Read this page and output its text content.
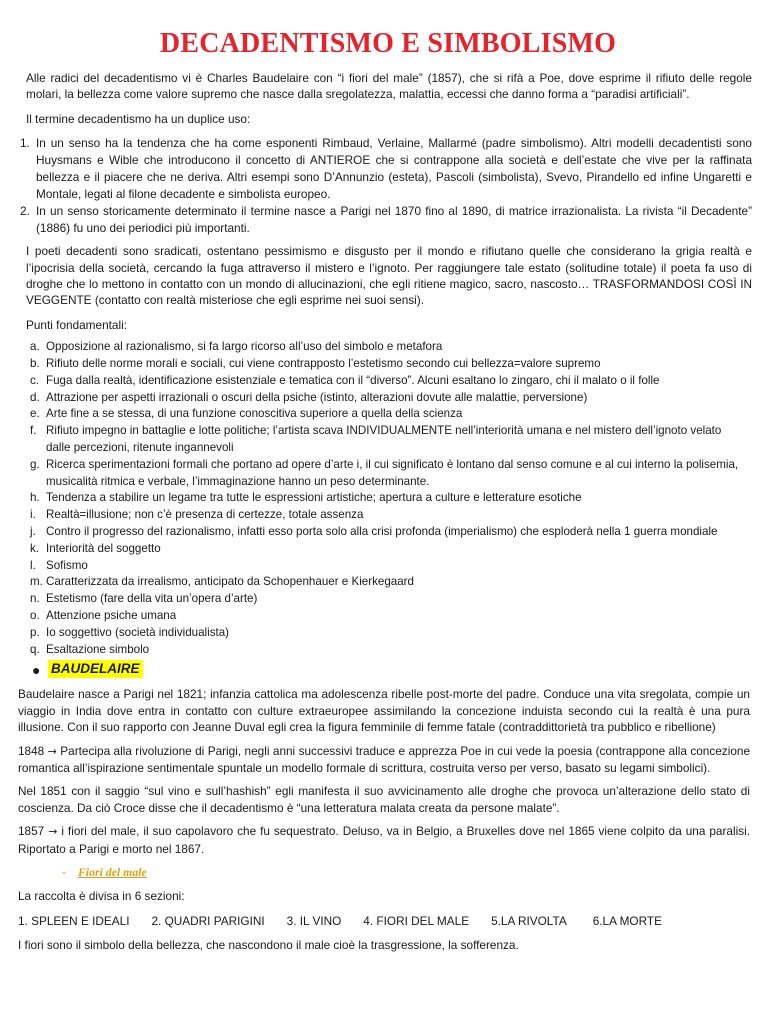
DECADENTISMO E SIMBOLISMO

Alle radici del decadentismo vi è Charles Baudelaire con “i fiori del male” (1857), che si rifà a Poe, dove esprime il rifiuto delle regole molari, la bellezza come valore supremo che nasce dalla sregolatezza, malattia, eccessi che danno forma a “paradisi artificiali”.

Il termine decadentismo ha un duplice uso:

1. In un senso ha la tendenza che ha come esponenti Rimbaud, Verlaine, Mallarmé (padre simbolismo). Altri modelli decadentisti sono Huysmans e Wible che introducono il concetto di ANTIEROE che si contrappone alla società e dell’estate che vive per la raffinata bellezza e il piacere che ne deriva. Altri esempi sono D’Annunzio (esteta), Pascoli (simbolista), Svevo, Pirandello ed infine Ungaretti e Montale, legati al filone decadente e simbolista europeo.
2. In un senso storicamente determinato il termine nasce a Parigi nel 1870 fino al 1890, di matrice irrazionalista. La rivista “il Decadente” (1886) fu uno dei periodici più importanti.

I poeti decadenti sono sradicati, ostentano pessimismo e disgusto per il mondo e rifiutano quelle che considerano la grigia realtà e l’ipocrisia della società, cercando la fuga attraverso il mistero e l’ignoto. Per raggiungere tale estato (solitudine totale) il poeta fa uso di droghe che lo mettono in contatto con un mondo di allucinazioni, che egli ritiene magico, sacro, nascosto… TRASFORMANDOSI COSÌ IN VEGGENTE (contatto con realtà misteriose che egli esprime nei suoi sensi).

Punti fondamentali:

a. Opposizione al razionalismo, si fa largo ricorso all’uso del simbolo e metafora
b. Rifiuto delle norme morali e sociali, cui viene contrapposto l’estetismo secondo cui bellezza=valore supremo
c. Fuga dalla realtà, identificazione esistenziale e tematica con il “diverso”. Alcuni esaltano lo zingaro, chi il malato o il folle
d. Attrazione per aspetti irrazionali o oscuri della psiche (istinto, alterazioni dovute alle malattie, perversione)
e. Arte fine a se stessa, di una funzione conoscitiva superiore a quella della scienza
f. Rifiuto impegno in battaglie e lotte politiche; l’artista scava INDIVIDUALMENTE nell’interiorità umana e nel mistero dell’ignoto velato dalle percezioni, ritenute ingannevoli
g. Ricerca sperimentazioni formali che portano ad opere d’arte i, il cui significato è lontano dal senso comune e al cui interno la polisemia, musicalità ritmica e verbale, l’immaginazione hanno un peso determinante.
h. Tendenza a stabilire un legame tra tutte le espressioni artistiche; apertura a culture e letterature esotiche
i. Realtà=illusione; non c’è presenza di certezze, totale assenza
j. Contro il progresso del razionalismo, infatti esso porta solo alla crisi profonda (imperialismo) che esploderà nella 1 guerra mondiale
k. Interiorità del soggetto
l. Sofismo
m. Caratterizzata da irrealismo, anticipato da Schopenhauer e Kierkegaard
n. Estetismo (fare della vita un’opera d’arte)
o. Attenzione psiche umana
p. Io soggettivo (società individualista)
q. Esaltazione simbolo
● BAUDELAIRE

Baudelaire nasce a Parigi nel 1821; infanzia cattolica ma adolescenza ribelle post-morte del padre. Conduce una vita sregolata, compie un viaggio in India dove entra in contatto con culture extraeuropee assimilando la concezione induista secondo cui la realtà è una pura illusione. Con il suo rapporto con Jeanne Duval egli crea la figura femminile di femme fatale (contraddittorietà tra pubblico e ribellione)

1848 → Partecipa alla rivoluzione di Parigi, negli anni successivi traduce e apprezza Poe in cui vede la poesia (contrappone alla concezione romantica all’ispirazione sentimentale spuntale un modello formale di scrittura, costruita verso per verso, basato su legami simbolici).

Nel 1851 con il saggio “sul vino e sull’hashish” egli manifesta il suo avvicinamento alle droghe che provoca un’alterazione dello stato di coscienza. Da ciò Croce disse che il decadentismo è “una letteratura malata creata da persone malate”.

1857 → i fiori del male, il suo capolavoro che fu sequestrato. Deluso, va in Belgio, a Bruxelles dove nel 1865 viene colpito da una paralisi. Riportato a Parigi e morto nel 1867.

- Fiori del male

La raccolta è divisa in 6 sezioni:

1. SPLEEN E IDEALI 2. QUADRI PARIGINI 3. IL VINO 4. FIORI DEL MALE 5.LA RIVOLTA 6.LA MORTE

I fiori sono il simbolo della bellezza, che nascondono il male cioè la trasgressione, la sofferenza.
